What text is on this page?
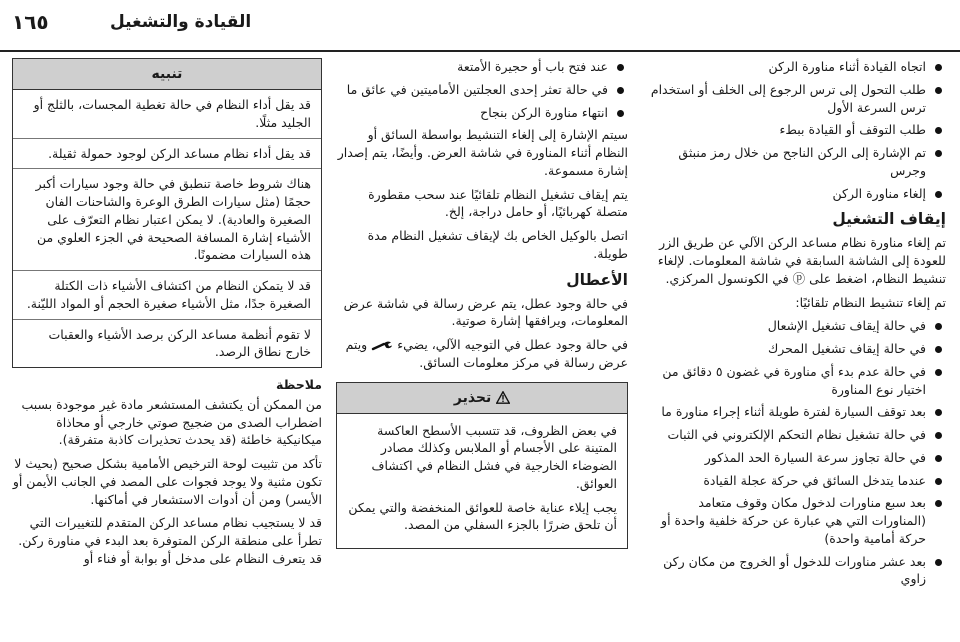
١٦٥	القيادة والتشغيل
اتجاه القيادة أثناء مناورة الركن
طلب التحول إلى ترس الرجوع إلى الخلف أو استخدام ترس السرعة الأول
طلب التوقف أو القيادة ببطء
تم الإشارة إلى الركن الناجح من خلال رمز منبثق وجرس
إلغاء مناورة الركن
إيقاف التشغيل

تم إلغاء مناورة نظام مساعد الركن الآلي عن طريق الزر للعودة إلى الشاشة السابقة في شاشة المعلومات. لإلغاء تنشيط النظام، اضغط على ⓟ في الكونسول المركزي.

تم إلغاء تنشيط النظام تلقائيًا:

في حالة إيقاف تشغيل الإشعال
في حالة إيقاف تشغيل المحرك
في حالة عدم بدء أي مناورة في غضون ٥ دقائق من اختيار نوع المناورة
بعد توقف السيارة لفترة طويلة أثناء إجراء مناورة ما
في حالة تشغيل نظام التحكم الإلكتروني في الثبات
في حالة تجاوز سرعة السيارة الحد المذكور
عندما يتدخل السائق في حركة عجلة القيادة
بعد سبع مناورات لدخول مكان وقوف متعامد (المناورات التي هي عبارة عن حركة خلفية واحدة أو حركة أمامية واحدة)
بعد عشر مناورات للدخول أو الخروج من مكان ركن زاوي
عند فتح باب أو حجيرة الأمتعة
في حالة تعثر إحدى العجلتين الأماميتين في عائق ما
انتهاء مناورة الركن بنجاح

سيتم الإشارة إلى إلغاء التنشيط بواسطة السائق أو النظام أثناء المناورة في شاشة العرض. وأيضًا، يتم إصدار إشارة مسموعة.

يتم إيقاف تشغيل النظام تلقائيًا عند سحب مقطورة متصلة كهربائيًا، أو حامل دراجة، إلخ.

اتصل بالوكيل الخاص بك لإيقاف تشغيل النظام مدة طويلة.

الأعطال

في حالة وجود عطل، يتم عرض رسالة في شاشة عرض المعلومات، ويرافقها إشارة صوتية.

في حالة وجود عطل في التوجيه الآلي، يضيء  ويتم عرض رسالة في مركز معلومات السائق.

تحذير

في بعض الظروف، قد تتسبب الأسطح العاكسة المتينة على الأجسام أو الملابس وكذلك مصادر الضوضاء الخارجية في فشل النظام في اكتشاف العوائق.

يجب إيلاء عناية خاصة للعوائق المنخفضة والتي يمكن أن تلحق ضررًا بالجزء السفلي من المصد.

تنبيه

قد يقل أداء النظام في حالة تغطية المجسات، بالثلج أو الجليد مثلًا.

قد يقل أداء نظام مساعد الركن لوجود حمولة ثقيلة.

هناك شروط خاصة تنطبق في حالة وجود سيارات أكبر حجمًا (مثل سيارات الطرق الوعرة والشاحنات الفان الصغيرة والعادية). لا يمكن اعتبار نظام التعرّف على الأشياء إشارة المسافة الصحيحة في الجزء العلوي من هذه السيارات مضمونًا.

قد لا يتمكن النظام من اكتشاف الأشياء ذات الكتلة الصغيرة جدًا، مثل الأشياء صغيرة الحجم أو المواد الليّنة.

لا تقوم أنظمة مساعد الركن برصد الأشياء والعقبات خارج نطاق الرصد.

ملاحظة

من الممكن أن يكتشف المستشعر مادة غير موجودة بسبب اضطراب الصدى من ضجيج صوتي خارجي أو محاذاة ميكانيكية خاطئة (قد يحدث تحذيرات كاذبة متفرقة).

تأكد من تثبيت لوحة الترخيص الأمامية بشكل صحيح (بحيث لا تكون مثنية ولا يوجد فجوات على المصد في الجانب الأيمن أو الأيسر) ومن أن أدوات الاستشعار في أماكنها.

قد لا يستجيب نظام مساعد الركن المتقدم للتغييرات التي تطرأ على منطقة الركن المتوفرة بعد البدء في مناورة ركن. قد يتعرف النظام على مدخل أو بوابة أو فناء أو
